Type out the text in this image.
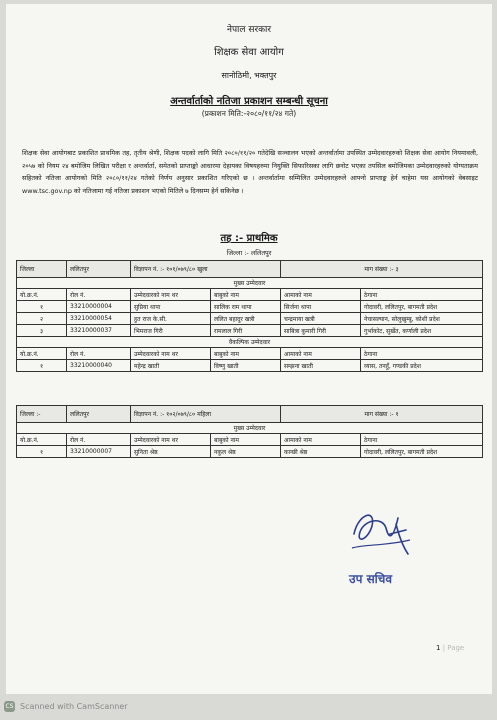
नेपाल सरकार
शिक्षक सेवा आयोग
सानोठिमी, भक्तपुर
अन्तर्वार्ताको नतिजा प्रकाशन सम्बन्धी सूचना
(प्रकाशन मिति:-२०८०/११/२४ गते)
शिक्षक सेवा आयोगबाट प्रकाशित प्राथमिक तह, तृतीय श्रेणी, शिक्षक पदको लागि मिति २०८०/११/२० गतेदेखि सञ्चालन भएको अन्तर्वार्तामा उपस्थित उम्मेदवारहरुको शिक्षक सेवा आयोग नियमावली, २०५७ को नियम २४ बमोजिम लिखित परीक्षा र अन्तर्वार्ता, समेतको प्राप्ताङ्को आधारमा देहायका विषयहरुमा नियुक्ति सिफारिसका लागि छनोट भएका तपसिल बमोजिमका उम्मेदवारहरुको योग्यताक्रम सहितको नतिजा आयोगको मिति २०८०/११/२४ गतेको निर्णय अनुसार प्रकाशित गरिएको छ । अन्तर्वार्तामा सम्मिलित उम्मेदवारहरुले आफ्नो प्राप्ताङ्क हेर्न चाहेमा यस आयोगको वेबसाइट www.tsc.gov.np को नतिजामा गई नतिजा प्रकाशन भएको मितिले ७ दिनसम्म हेर्न सकिनेछ ।
तह :- प्राथमिक
जिल्ला :- ललितपुर
जिल्ला	ललितपुर	विज्ञापन नं. :- १०१/०७९/८० खुला		माग संख्या :- ३	
मुख्य उम्मेदवार					
यो.क्र.नं.	रोल नं.	उम्मेदवारको नाम थर	बाबुको नाम	आमाको नाम	ठेगाना
१	33210000004	सुप्रिया थापा	सालिक राम थापा	सिर्जना थापा	गोदावरी, ललितपुर, बागमती प्रदेश
२	33210000054	हुत राज के.सी.	ललित बहादुर खत्री	चन्द्रमाया खत्री	नेचासल्यान, सोलुखुम्बु, कोशी प्रदेश
३	33210000037	भिमराज गिरी	रामलाल गिरी	साबित्रा कुमारी गिरी	गुर्भाकोट, सुर्खेत, कर्णाली प्रदेश
वैकल्पिक उम्मेदवार					
यो.क्र.नं.	रोल नं.	उम्मेदवारको नाम थर	बाबुको नाम	आमाको नाम	ठेगाना
१	33210000040	महेन्द्र खाती	विष्णु खाती	सम्झना खाती	व्यास, तनहुँ, गण्डकी प्रदेश
जिल्ला :-	ललितपुर	विज्ञापन नं. :- १०२/०७९/८० महिला		माग संख्या :- १	
मुख्य उम्मेदवार					
यो.क्र.नं.	रोल नं.	उम्मेदवारको नाम थर	बाबुको नाम	आमाको नाम	ठेगाना
१	33210000007	सुनिता श्रेष्ठ	नकुल श्रेष्ठ	कान्छी श्रेष्ठ	गोदावरी, ललितपुर, बागमती प्रदेश
उप सचिव
1 | Page
CS Scanned with CamScanner
